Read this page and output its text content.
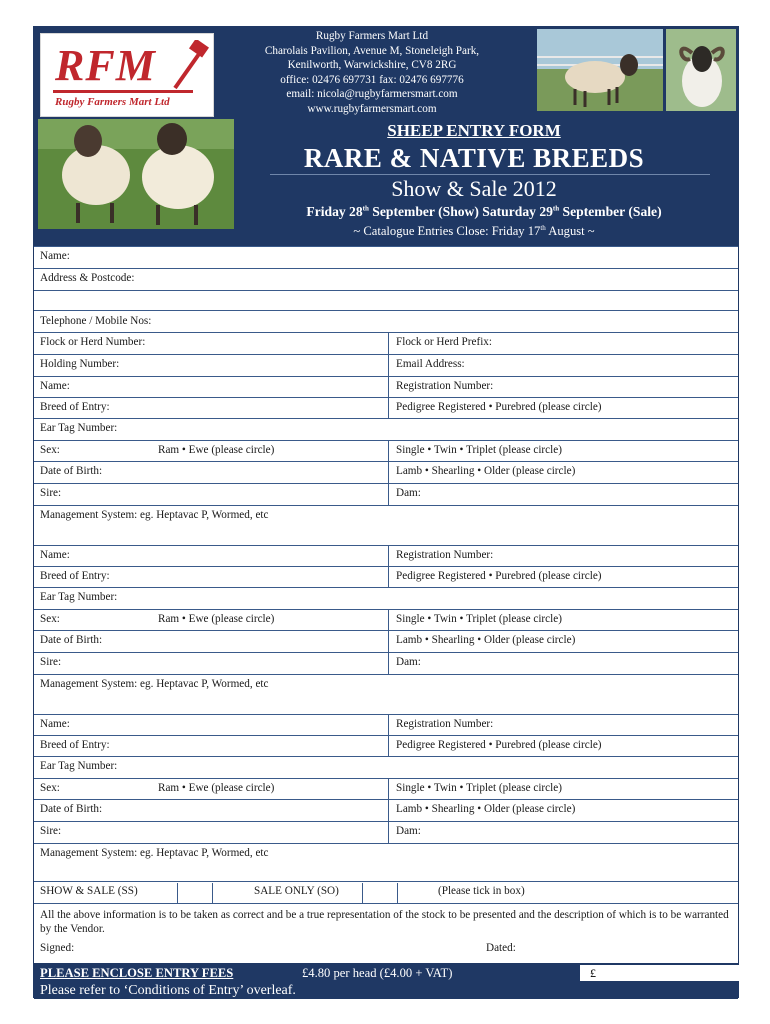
RFM
Rugby Farmers Mart Ltd
Rugby Farmers Mart Ltd
Charolais Pavilion, Avenue M, Stoneleigh Park,
Kenilworth, Warwickshire, CV8 2RG
office: 02476 697731 fax: 02476 697776
email: nicola@rugbyfarmersmart.com
www.rugbyfarmersmart.com
SHEEP ENTRY FORM
RARE & NATIVE BREEDS
Show & Sale 2012
Friday 28th September (Show) Saturday 29th September (Sale)
~ Catalogue Entries Close: Friday 17th August ~
Name:
Address & Postcode:
Telephone / Mobile Nos:
Flock or Herd Number:	Flock or Herd Prefix:
Holding Number:	Email Address:
Name:	Registration Number:
Breed of Entry:	Pedigree Registered • Purebred (please circle)
Ear Tag Number:
Sex:	Ram • Ewe (please circle)	Single • Twin • Triplet (please circle)
Date of Birth:	Lamb • Shearling • Older (please circle)
Sire:	Dam:
Management System: eg. Heptavac P, Wormed, etc
Name:	Registration Number:
Breed of Entry:	Pedigree Registered • Purebred (please circle)
Ear Tag Number:
Sex:	Ram • Ewe (please circle)	Single • Twin • Triplet (please circle)
Date of Birth:	Lamb • Shearling • Older (please circle)
Sire:	Dam:
Management System: eg. Heptavac P, Wormed, etc
Name:	Registration Number:
Breed of Entry:	Pedigree Registered • Purebred (please circle)
Ear Tag Number:
Sex:	Ram • Ewe (please circle)	Single • Twin • Triplet (please circle)
Date of Birth:	Lamb • Shearling • Older (please circle)
Sire:	Dam:
Management System: eg. Heptavac P, Wormed, etc
SHOW & SALE (SS)	SALE ONLY (SO)	(Please tick in box)
All the above information is to be taken as correct and be a true representation of the stock to be presented and the description of which is to be warranted by the Vendor.
Signed:	Dated:
PLEASE ENCLOSE ENTRY FEES	£4.80 per head (£4.00 + VAT)	£
Please refer to ‘Conditions of Entry’ overleaf.
